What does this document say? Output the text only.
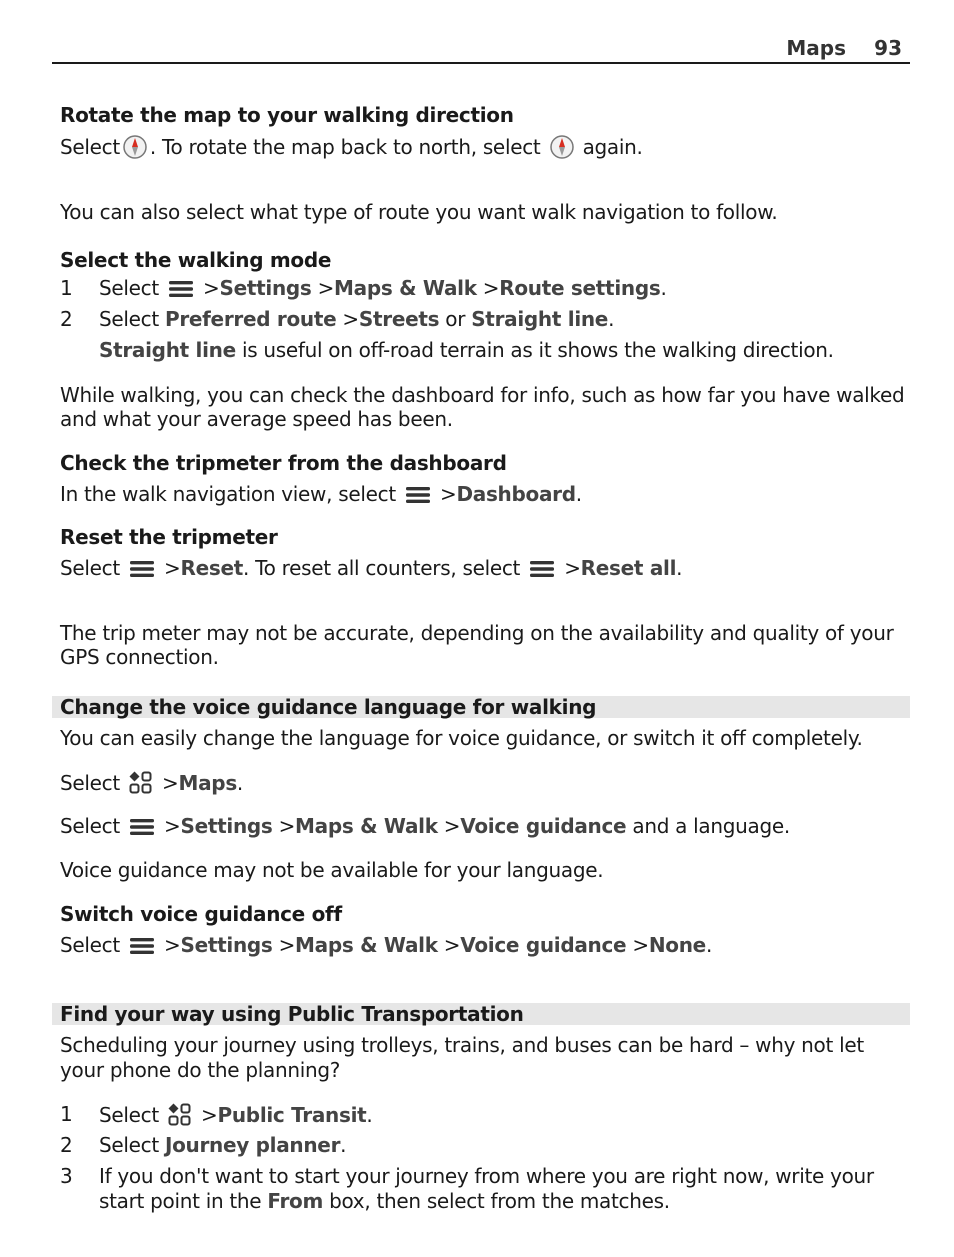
Maps 93
Rotate the map to your walking direction
Select . To rotate the map back to north, select again.
You can also select what type of route you want walk navigation to follow.
Select the walking mode
1 Select >Settings >Maps & Walk >Route settings.
2 Select Preferred route >Streets or Straight line.
Straight line is useful on off-road terrain as it shows the walking direction.
While walking, you can check the dashboard for info, such as how far you have walked
and what your average speed has been.
Check the tripmeter from the dashboard
In the walk navigation view, select >Dashboard.
Reset the tripmeter
Select >Reset. To reset all counters, select >Reset all.
The trip meter may not be accurate, depending on the availability and quality of your
GPS connection.
Change the voice guidance language for walking
You can easily change the language for voice guidance, or switch it off completely.
Select >Maps.
Select >Settings >Maps & Walk >Voice guidance and a language.
Voice guidance may not be available for your language.
Switch voice guidance off
Select >Settings >Maps & Walk >Voice guidance >None.
Find your way using Public Transportation
Scheduling your journey using trolleys, trains, and buses can be hard – why not let
your phone do the planning?
1 Select >Public Transit.
2 Select Journey planner.
3 If you don't want to start your journey from where you are right now, write your
start point in the From box, then select from the matches.
